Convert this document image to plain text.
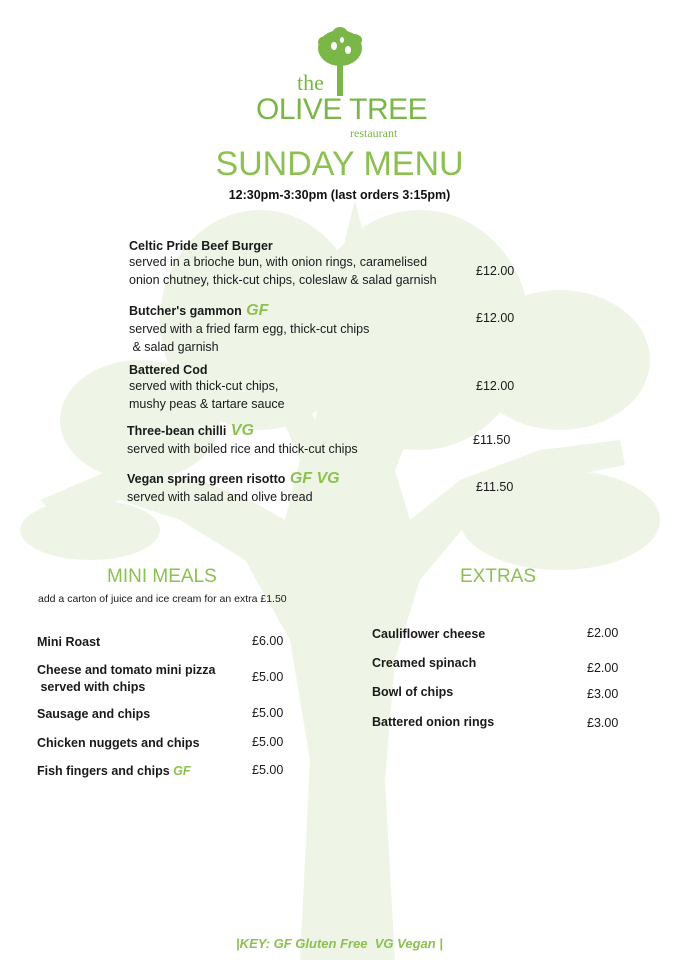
the
OLIVE TREE
restaurant
SUNDAY MENU
12:30pm-3:30pm (last orders 3:15pm)
Celtic Pride Beef Burger
served in a brioche bun, with onion rings, caramelised
onion chutney, thick-cut chips, coleslaw & salad garnish
£12.00
Butcher's gammon GF
served with a fried farm egg, thick-cut chips
& salad garnish
£12.00
Battered Cod
served with thick-cut chips,
mushy peas & tartare sauce
£12.00
Three-bean chilli VG
served with boiled rice and thick-cut chips
£11.50
Vegan spring green risotto GF VG
served with salad and olive bread
£11.50
MINI MEALS
add a carton of juice and ice cream for an extra £1.50
Mini Roast	£6.00
Cheese and tomato mini pizza
served with chips
£5.00
Sausage and chips	£5.00
Chicken nuggets and chips	£5.00
Fish fingers and chips GF	£5.00
EXTRAS
Cauliflower cheese	£2.00
Creamed spinach	£2.00
Bowl of chips	£3.00
Battered onion rings	£3.00
|KEY: GF Gluten Free  VG Vegan |
